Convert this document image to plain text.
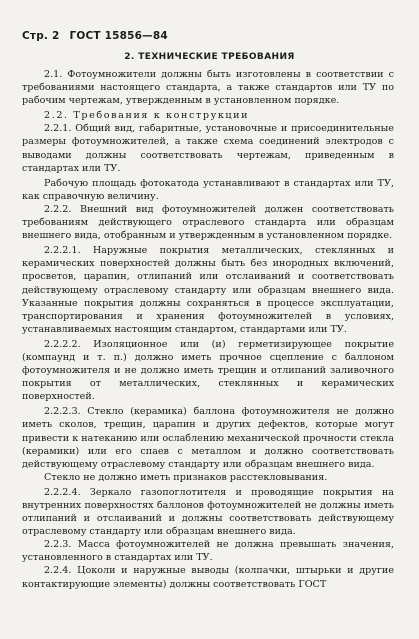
Стр. 2 ГОСТ 15856—84
2. ТЕХНИЧЕСКИЕ ТРЕБОВАНИЯ

2.1. Фотоумножители должны быть изготовлены в соответствии с требованиями настоящего стандарта, а также стандартов или ТУ по рабочим чертежам, утвержденным в установленном порядке.

2.2. Требования к конструкции

2.2.1. Общий вид, габаритные, установочные и присоединительные размеры фотоумножителей, а также схема соединений электродов с выводами должны соответствовать чертежам, приведенным в стандартах или ТУ.

Рабочую площадь фотокатода устанавливают в стандартах или ТУ, как справочную величину.

2.2.2. Внешний вид фотоумножителей должен соответствовать требованиям действующего отраслевого стандарта или образцам внешнего вида, отобранным и утвержденным в установленном порядке.

2.2.2.1. Наружные покрытия металлических, стеклянных и керамических поверхностей должны быть без инородных включений, просветов, царапин, отлипаний или отслаиваний и соответствовать действующему отраслевому стандарту или образцам внешнего вида. Указанные покрытия должны сохраняться в процессе эксплуатации, транспортирования и хранения фотоумножителей в условиях, устанавливаемых настоящим стандартом, стандартами или ТУ.

2.2.2.2. Изоляционное или (и) герметизирующее покрытие (компаунд и т. п.) должно иметь прочное сцепление с баллоном фотоумножителя и не должно иметь трещин и отлипаний заливочного покрытия от металлических, стеклянных и керамических поверхностей.

2.2.2.3. Стекло (керамика) баллона фотоумножителя не должно иметь сколов, трещин, царапин и других дефектов, которые могут привести к натеканию или ослаблению механической прочности стекла (керамики) или его спаев с металлом и должно соответствовать действующему отраслевому стандарту или образцам внешнего вида.

Стекло не должно иметь признаков расстекловывания.

2.2.2.4. Зеркало газопоглотителя и проводящие покрытия на внутренних поверхностях баллонов фотоумножителей не должны иметь отлипаний и отслаиваний и должны соответствовать действующему отраслевому стандарту или образцам внешнего вида.

2.2.3. Масса фотоумножителей не должна превышать значения, установленного в стандартах или ТУ.

2.2.4. Цоколи и наружные выводы (колпачки, штырьки и другие контактирующие элементы) должны соответствовать ГОСТ
